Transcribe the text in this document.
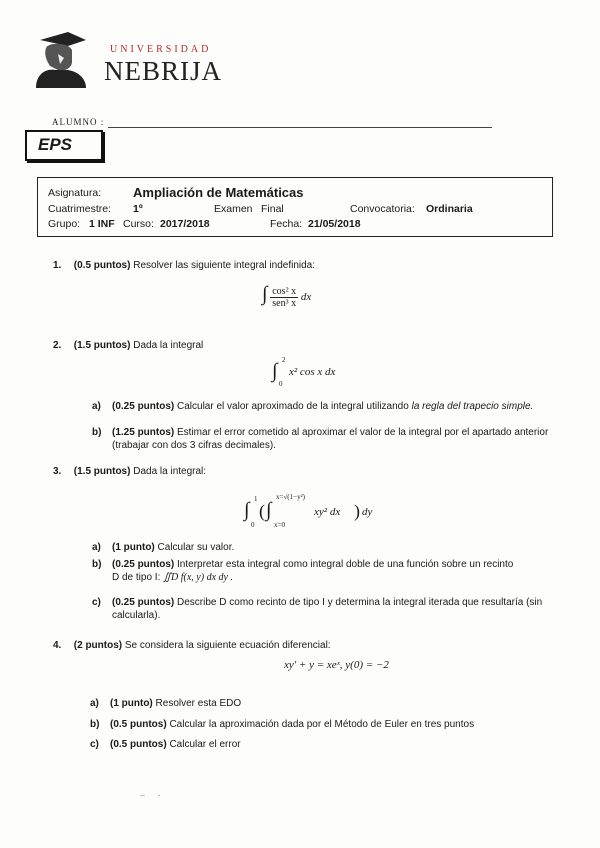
UNIVERSIDAD
NEBRIJA
ALUMNO :
EPS
Asignatura: Ampliación de Matemáticas
Cuatrimestre: 1º	Examen Final	Convocatoria: Ordinaria
Grupo: 1 INF Curso: 2017/2018	Fecha: 21/05/2018
1. (0.5 puntos) Resolver las siguiente integral indefinida:
∫ $\frac{\text{cos² x}}{\text{sen³ x}}$ dx
2. (1.5 puntos) Dada la integral
∫ 2
0
x² cos x dx
a) (0.25 puntos) Calcular el valor aproximado de la integral utilizando la regla del trapecio simple.
b) (1.25 puntos) Estimar el error cometido al aproximar el valor de la integral por el apartado anterior (trabajar con dos 3 cifras decimales).
3. (1.5 puntos) Dada la integral:
∫ 1
0
( ∫
x=√(1−y²)
x=0
xy² dx ) dy
a) (1 punto) Calcular su valor.
b) (0.25 puntos) Interpretar esta integral como integral doble de una función sobre un recinto
D de tipo I: ∬D f(x, y) dx dy .
c) (0.25 puntos) Describe D como recinto de tipo I y determina la integral iterada que resultaría (sin calcularla).
4. (2 puntos) Se considera la siguiente ecuación diferencial:
xy′ + y = xeˣ, y(0) = −2
a) (1 punto) Resolver esta EDO
b) (0.5 puntos) Calcular la aproximación dada por el Método de Euler en tres puntos
c) (0.5 puntos) Calcular el error
–     -
